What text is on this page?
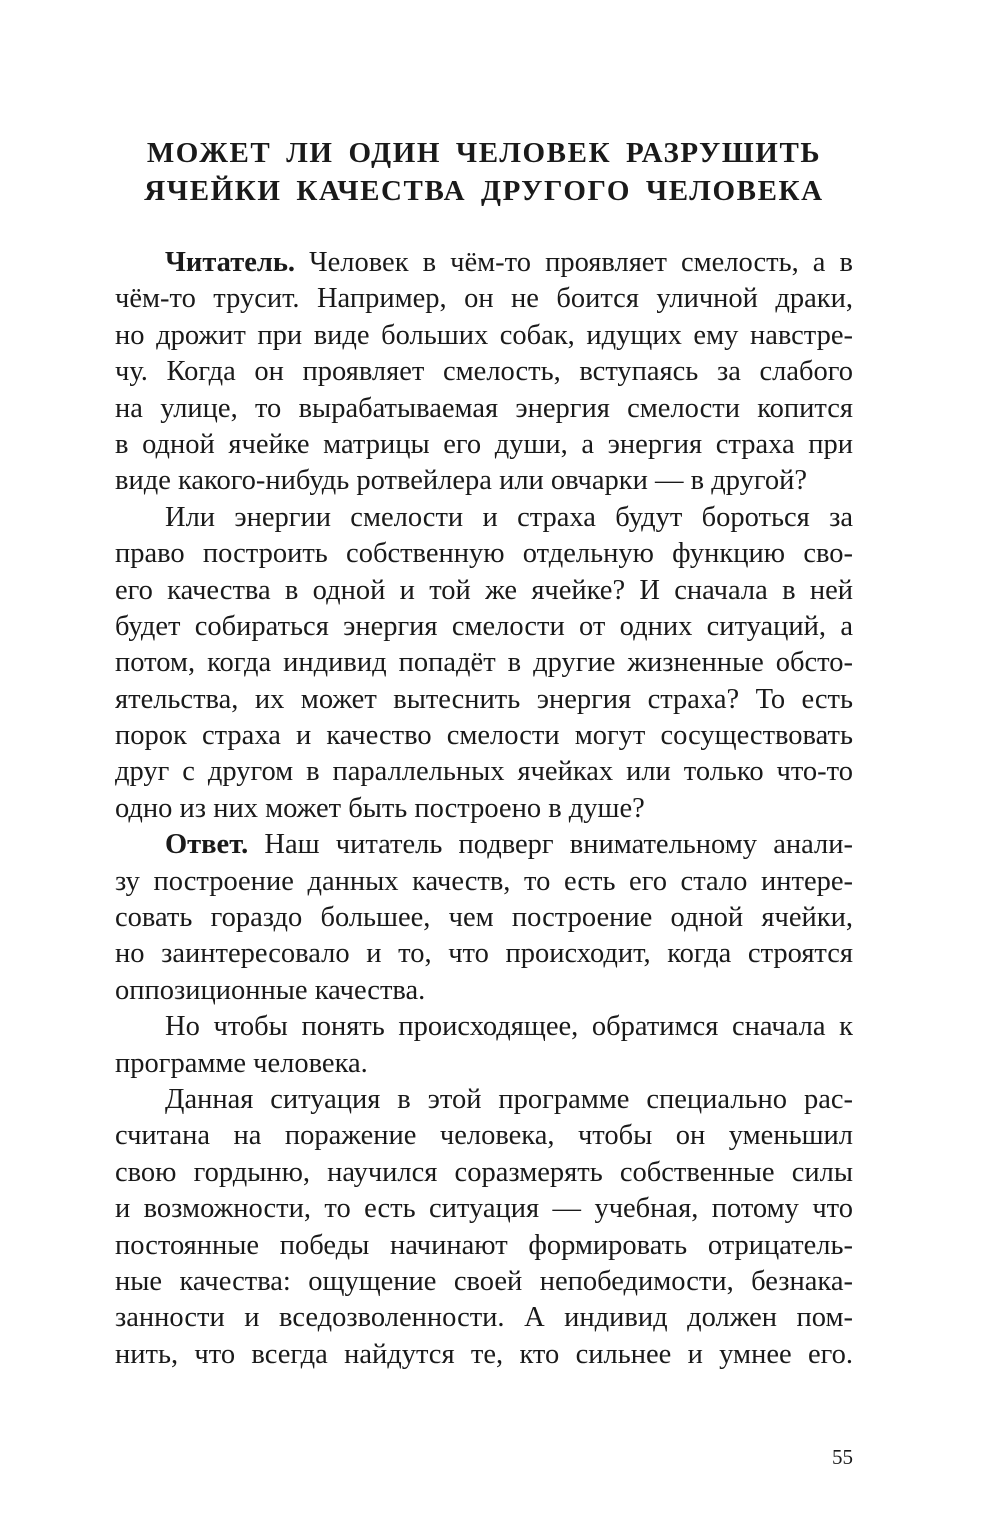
МОЖЕТ ЛИ ОДИН ЧЕЛОВЕК РАЗРУШИТЬ
ЯЧЕЙКИ КАЧЕСТВА ДРУГОГО ЧЕЛОВЕКА
Читатель. Человек в чём-то проявляет смелость, а в
чём-то трусит. Например, он не боится уличной драки,
но дрожит при виде больших собак, идущих ему навстре-
чу. Когда он проявляет смелость, вступаясь за слабого
на улице, то вырабатываемая энергия смелости копится
в одной ячейке матрицы его души, а энергия страха при
виде какого-нибудь ротвейлера или овчарки — в другой?
Или энергии смелости и страха будут бороться за
право построить собственную отдельную функцию сво-
его качества в одной и той же ячейке? И сначала в ней
будет собираться энергия смелости от одних ситуаций, а
потом, когда индивид попадёт в другие жизненные обсто-
ятельства, их может вытеснить энергия страха? То есть
порок страха и качество смелости могут сосуществовать
друг с другом в параллельных ячейках или только что-то
одно из них может быть построено в душе?
Ответ. Наш читатель подверг внимательному анали-
зу построение данных качеств, то есть его стало интере-
совать гораздо большее, чем построение одной ячейки,
но заинтересовало и то, что происходит, когда строятся
оппозиционные качества.
Но чтобы понять происходящее, обратимся сначала к
программе человека.
Данная ситуация в этой программе специально рас-
считана на поражение человека, чтобы он уменьшил
свою гордыню, научился соразмерять собственные силы
и возможности, то есть ситуация — учебная, потому что
постоянные победы начинают формировать отрицатель-
ные качества: ощущение своей непобедимости, безнака-
занности и вседозволенности. А индивид должен пом-
нить, что всегда найдутся те, кто сильнее и умнее его.
55
